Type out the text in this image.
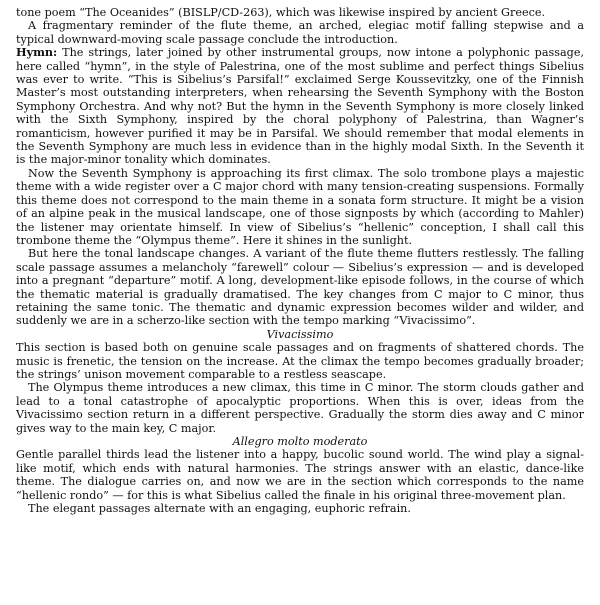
tone poem “The Oceanides” (BISLP/CD-263), which was likewise inspired by ancient Greece.

A fragmentary reminder of the flute theme, an arched, elegiac motif falling stepwise and a typical downward-moving scale passage conclude the introduction.

Hymn: The strings, later joined by other instrumental groups, now intone a polyphonic passage, here called “hymn”, in the style of Palestrina, one of the most sublime and perfect things Sibelius was ever to write. “This is Sibelius’s Parsifal!” exclaimed Serge Koussevitzky, one of the Finnish Master’s most outstanding interpreters, when rehearsing the Seventh Symphony with the Boston Symphony Orchestra. And why not? But the hymn in the Seventh Symphony is more closely linked with the Sixth Symphony, inspired by the choral polyphony of Palestrina, than Wagner’s romanticism, however purified it may be in Parsifal. We should remember that modal elements in the Seventh Symphony are much less in evidence than in the highly modal Sixth. In the Seventh it is the major-minor tonality which dominates.

Now the Seventh Symphony is approaching its first climax. The solo trombone plays a majestic theme with a wide register over a C major chord with many tension-creating suspensions. Formally this theme does not correspond to the main theme in a sonata form structure. It might be a vision of an alpine peak in the musical landscape, one of those signposts by which (according to Mahler) the listener may orientate himself. In view of Sibelius’s “hellenic” conception, I shall call this trombone theme the “Olympus theme”. Here it shines in the sunlight.

But here the tonal landscape changes. A variant of the flute theme flutters restlessly. The falling scale passage assumes a melancholy “farewell” colour — Sibelius’s expression — and is developed into a pregnant “departure” motif. A long, development-like episode follows, in the course of which the thematic material is gradually dramatised. The key changes from C major to C minor, thus retaining the same tonic. The thematic and dynamic expression becomes wilder and wilder, and suddenly we are in a scherzo-like section with the tempo marking “Vivacissimo”.

Vivacissimo

This section is based both on genuine scale passages and on fragments of shattered chords. The music is frenetic, the tension on the increase. At the climax the tempo becomes gradually broader; the strings’ unison movement comparable to a restless seascape.

The Olympus theme introduces a new climax, this time in C minor. The storm clouds gather and lead to a tonal catastrophe of apocalyptic proportions. When this is over, ideas from the Vivacissimo section return in a different perspective. Gradually the storm dies away and C minor gives way to the main key, C major.

Allegro molto moderato

Gentle parallel thirds lead the listener into a happy, bucolic sound world. The wind play a signal-like motif, which ends with natural harmonies. The strings answer with an elastic, dance-like theme. The dialogue carries on, and now we are in the section which corresponds to the name “hellenic rondo” — for this is what Sibelius called the finale in his original three-movement plan.

The elegant passages alternate with an engaging, euphoric refrain.
